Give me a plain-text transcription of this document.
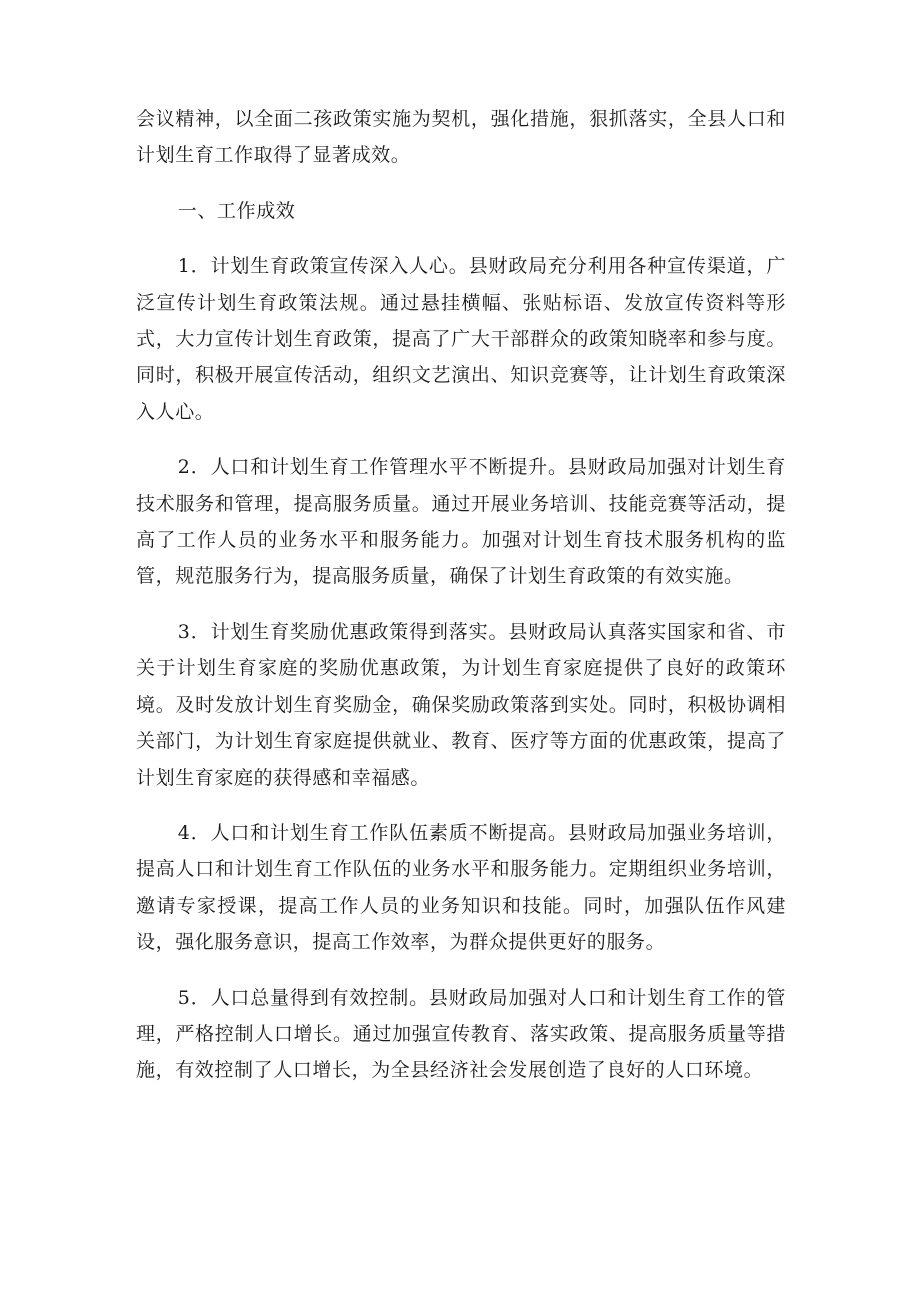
会议精神，以全面二孩政策实施为契机，强化措施，狠抓落实，全县人口和计划生育工作取得了显著成效。

一、工作成效

1．计划生育政策宣传深入人心。县财政局充分利用各种宣传渠道，广泛宣传计划生育政策法规。通过悬挂横幅、张贴标语、发放宣传资料等形式，大力宣传计划生育政策，提高了广大干部群众的政策知晓率和参与度。同时，积极开展宣传活动，组织文艺演出、知识竞赛等，让计划生育政策深入人心。

2．人口和计划生育工作管理水平不断提升。县财政局加强对计划生育技术服务和管理，提高服务质量。通过开展业务培训、技能竞赛等活动，提高了工作人员的业务水平和服务能力。加强对计划生育技术服务机构的监管，规范服务行为，提高服务质量，确保了计划生育政策的有效实施。

3．计划生育奖励优惠政策得到落实。县财政局认真落实国家和省、市关于计划生育家庭的奖励优惠政策，为计划生育家庭提供了良好的政策环境。及时发放计划生育奖励金，确保奖励政策落到实处。同时，积极协调相关部门，为计划生育家庭提供就业、教育、医疗等方面的优惠政策，提高了计划生育家庭的获得感和幸福感。

4．人口和计划生育工作队伍素质不断提高。县财政局加强业务培训，提高人口和计划生育工作队伍的业务水平和服务能力。定期组织业务培训，邀请专家授课，提高工作人员的业务知识和技能。同时，加强队伍作风建设，强化服务意识，提高工作效率，为群众提供更好的服务。

5．人口总量得到有效控制。县财政局加强对人口和计划生育工作的管理，严格控制人口增长。通过加强宣传教育、落实政策、提高服务质量等措施，有效控制了人口增长，为全县经济社会发展创造了良好的人口环境。
